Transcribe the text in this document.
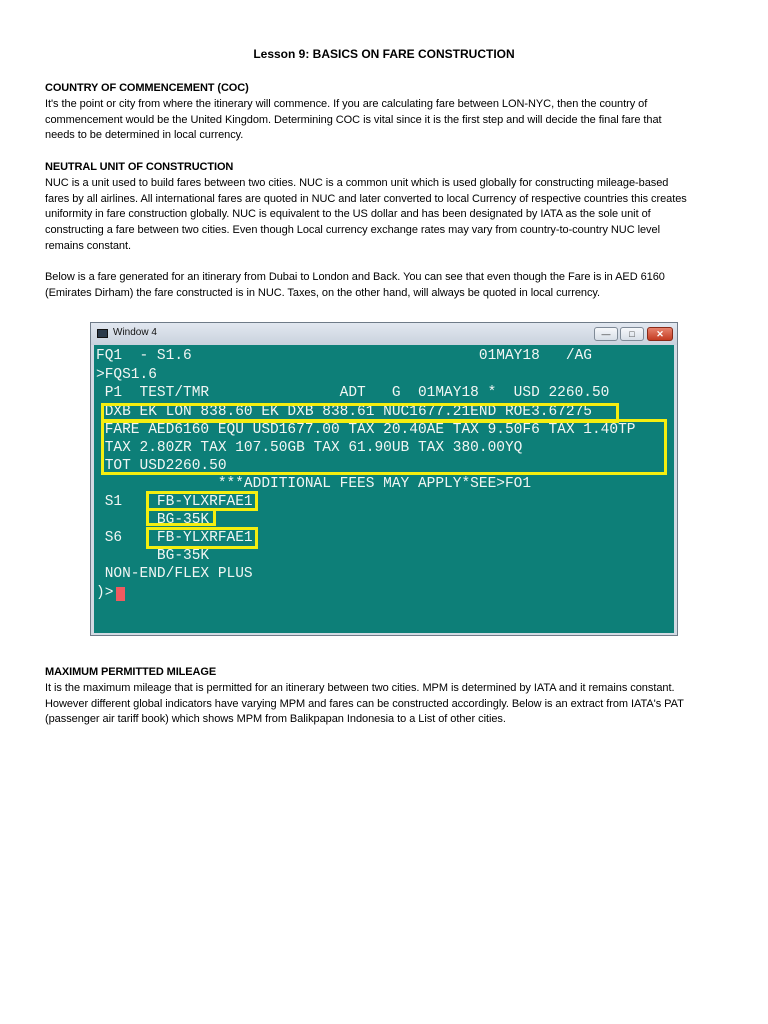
Lesson 9: BASICS ON FARE CONSTRUCTION
COUNTRY OF COMMENCEMENT (COC)
It's the point or city from where the itinerary will commence. If you are calculating fare between LON-NYC, then the country of
commencement would be the United Kingdom. Determining COC is vital since it is the first step and will decide the final fare that
needs to be determined in local currency.
NEUTRAL UNIT OF CONSTRUCTION
NUC is a unit used to build fares between two cities. NUC is a common unit which is used globally for constructing mileage-based
fares by all airlines. All international fares are quoted in NUC and later converted to local Currency of respective countries this creates
uniformity in fare construction globally. NUC is equivalent to the US dollar and has been designated by IATA as the sole unit of
constructing a fare between two cities. Even though Local currency exchange rates may vary from country-to-country NUC level
remains constant.
Below is a fare generated for an itinerary from Dubai to London and Back. You can see that even though the Fare is in AED 6160
(Emirates Dirham) the fare constructed is in NUC. Taxes, on the other hand, will always be quoted in local currency.
Window 4	—	□	✕
FQ1  - S1.6                                 01MAY18   /AG
>FQS1.6
P1  TEST/TMR               ADT   G  01MAY18 *  USD 2260.50
DXB EK LON 838.60 EK DXB 838.61 NUC1677.21END ROE3.67275
FARE AED6160 EQU USD1677.00 TAX 20.40AE TAX 9.50F6 TAX 1.40TP
TAX 2.80ZR TAX 107.50GB TAX 61.90UB TAX 380.00YQ
TOT USD2260.50
***ADDITIONAL FEES MAY APPLY*SEE>FO1
S1    FB-YLXRFAE1
BG-35K
S6    FB-YLXRFAE1
BG-35K
NON-END/FLEX PLUS
)>
MAXIMUM PERMITTED MILEAGE
It is the maximum mileage that is permitted for an itinerary between two cities. MPM is determined by IATA and it remains constant.
However different global indicators have varying MPM and fares can be constructed accordingly. Below is an extract from IATA's PAT
(passenger air tariff book) which shows MPM from Balikpapan Indonesia to a List of other cities.
